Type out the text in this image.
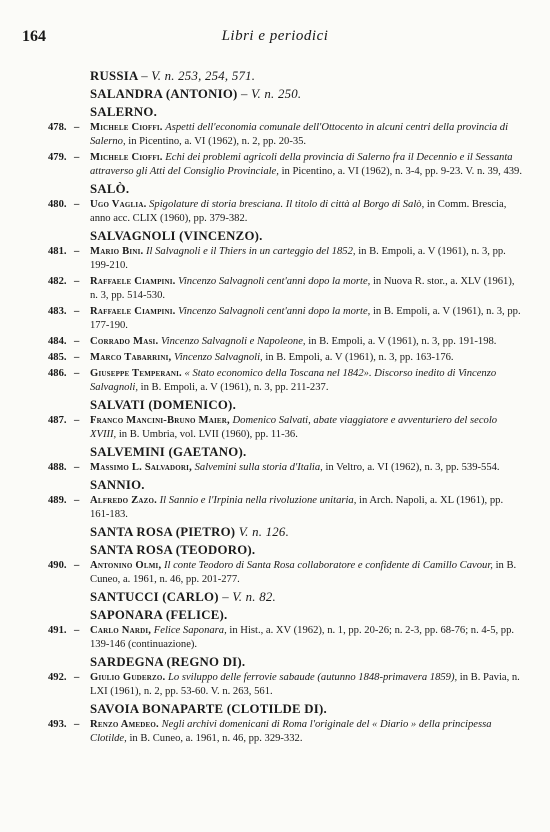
164	Libri e periodici
RUSSIA – V. n. 253, 254, 571.
SALANDRA (ANTONIO) – V. n. 250.
SALERNO.
478. – Michele Cioffi. Aspetti dell'economia comunale dell'Ottocento in alcuni centri della provincia di Salerno, in Picentino, a. VI (1962), n. 2, pp. 20-35.
479. – Michele Cioffi. Echi dei problemi agricoli della provincia di Salerno fra il Decennio e il Sessanta attraverso gli Atti del Consiglio Provinciale, in Picentino, a. VI (1962), n. 3-4, pp. 9-23. V. n. 39, 439.
SALÒ.
480. – Ugo Vaglia. Spigolature di storia bresciana. Il titolo di città al Borgo di Salò, in Comm. Brescia, anno acc. CLIX (1960), pp. 379-382.
SALVAGNOLI (VINCENZO).
481. – Mario Bini. Il Salvagnoli e il Thiers in un carteggio del 1852, in B. Empoli, a. V (1961), n. 3, pp. 199-210.
482. – Raffaele Ciampini. Vincenzo Salvagnoli cent'anni dopo la morte, in Nuova R. stor., a. XLV (1961), n. 3, pp. 514-530.
483. – Raffaele Ciampini. Vincenzo Salvagnoli cent'anni dopo la morte, in B. Empoli, a. V (1961), n. 3, pp. 177-190.
484. – Corrado Masi. Vincenzo Salvagnoli e Napoleone, in B. Empoli, a. V (1961), n. 3, pp. 191-198.
485. – Marco Tabarrini, Vincenzo Salvagnoli, in B. Empoli, a. V (1961), n. 3, pp. 163-176.
486. – Giuseppe Temperani. « Stato economico della Toscana nel 1842». Discorso inedito di Vincenzo Salvagnoli, in B. Empoli, a. V (1961), n. 3, pp. 211-237.
SALVATI (DOMENICO).
487. – Franco Mancini-Bruno Maier, Domenico Salvati, abate viaggiatore e avventuriero del secolo XVIII, in B. Umbria, vol. LVII (1960), pp. 11-36.
SALVEMINI (GAETANO).
488. – Massimo L. Salvadori, Salvemini sulla storia d'Italia, in Veltro, a. VI (1962), n. 3, pp. 539-554.
SANNIO.
489. – Alfredo Zazo. Il Sannio e l'Irpinia nella rivoluzione unitaria, in Arch. Napoli, a. XL (1961), pp. 161-183.
SANTA ROSA (PIETRO) V. n. 126.
SANTA ROSA (TEODORO).
490. – Antonino Olmi, Il conte Teodoro di Santa Rosa collaboratore e confidente di Camillo Cavour, in B. Cuneo, a. 1961, n. 46, pp. 201-277.
SANTUCCI (CARLO) – V. n. 82.
SAPONARA (FELICE).
491. – Carlo Nardi, Felice Saponara, in Hist., a. XV (1962), n. 1, pp. 20-26; n. 2-3, pp. 68-76; n. 4-5, pp. 139-146 (continuazione).
SARDEGNA (REGNO DI).
492. – Giulio Guderzo. Lo sviluppo delle ferrovie sabaude (autunno 1848-primavera 1859), in B. Pavia, n. LXI (1961), n. 2, pp. 53-60. V. n. 263, 561.
SAVOIA BONAPARTE (CLOTILDE DI).
493. – Renzo Amedeo. Negli archivi domenicani di Roma l'originale del « Diario » della principessa Clotilde, in B. Cuneo, a. 1961, n. 46, pp. 329-332.
